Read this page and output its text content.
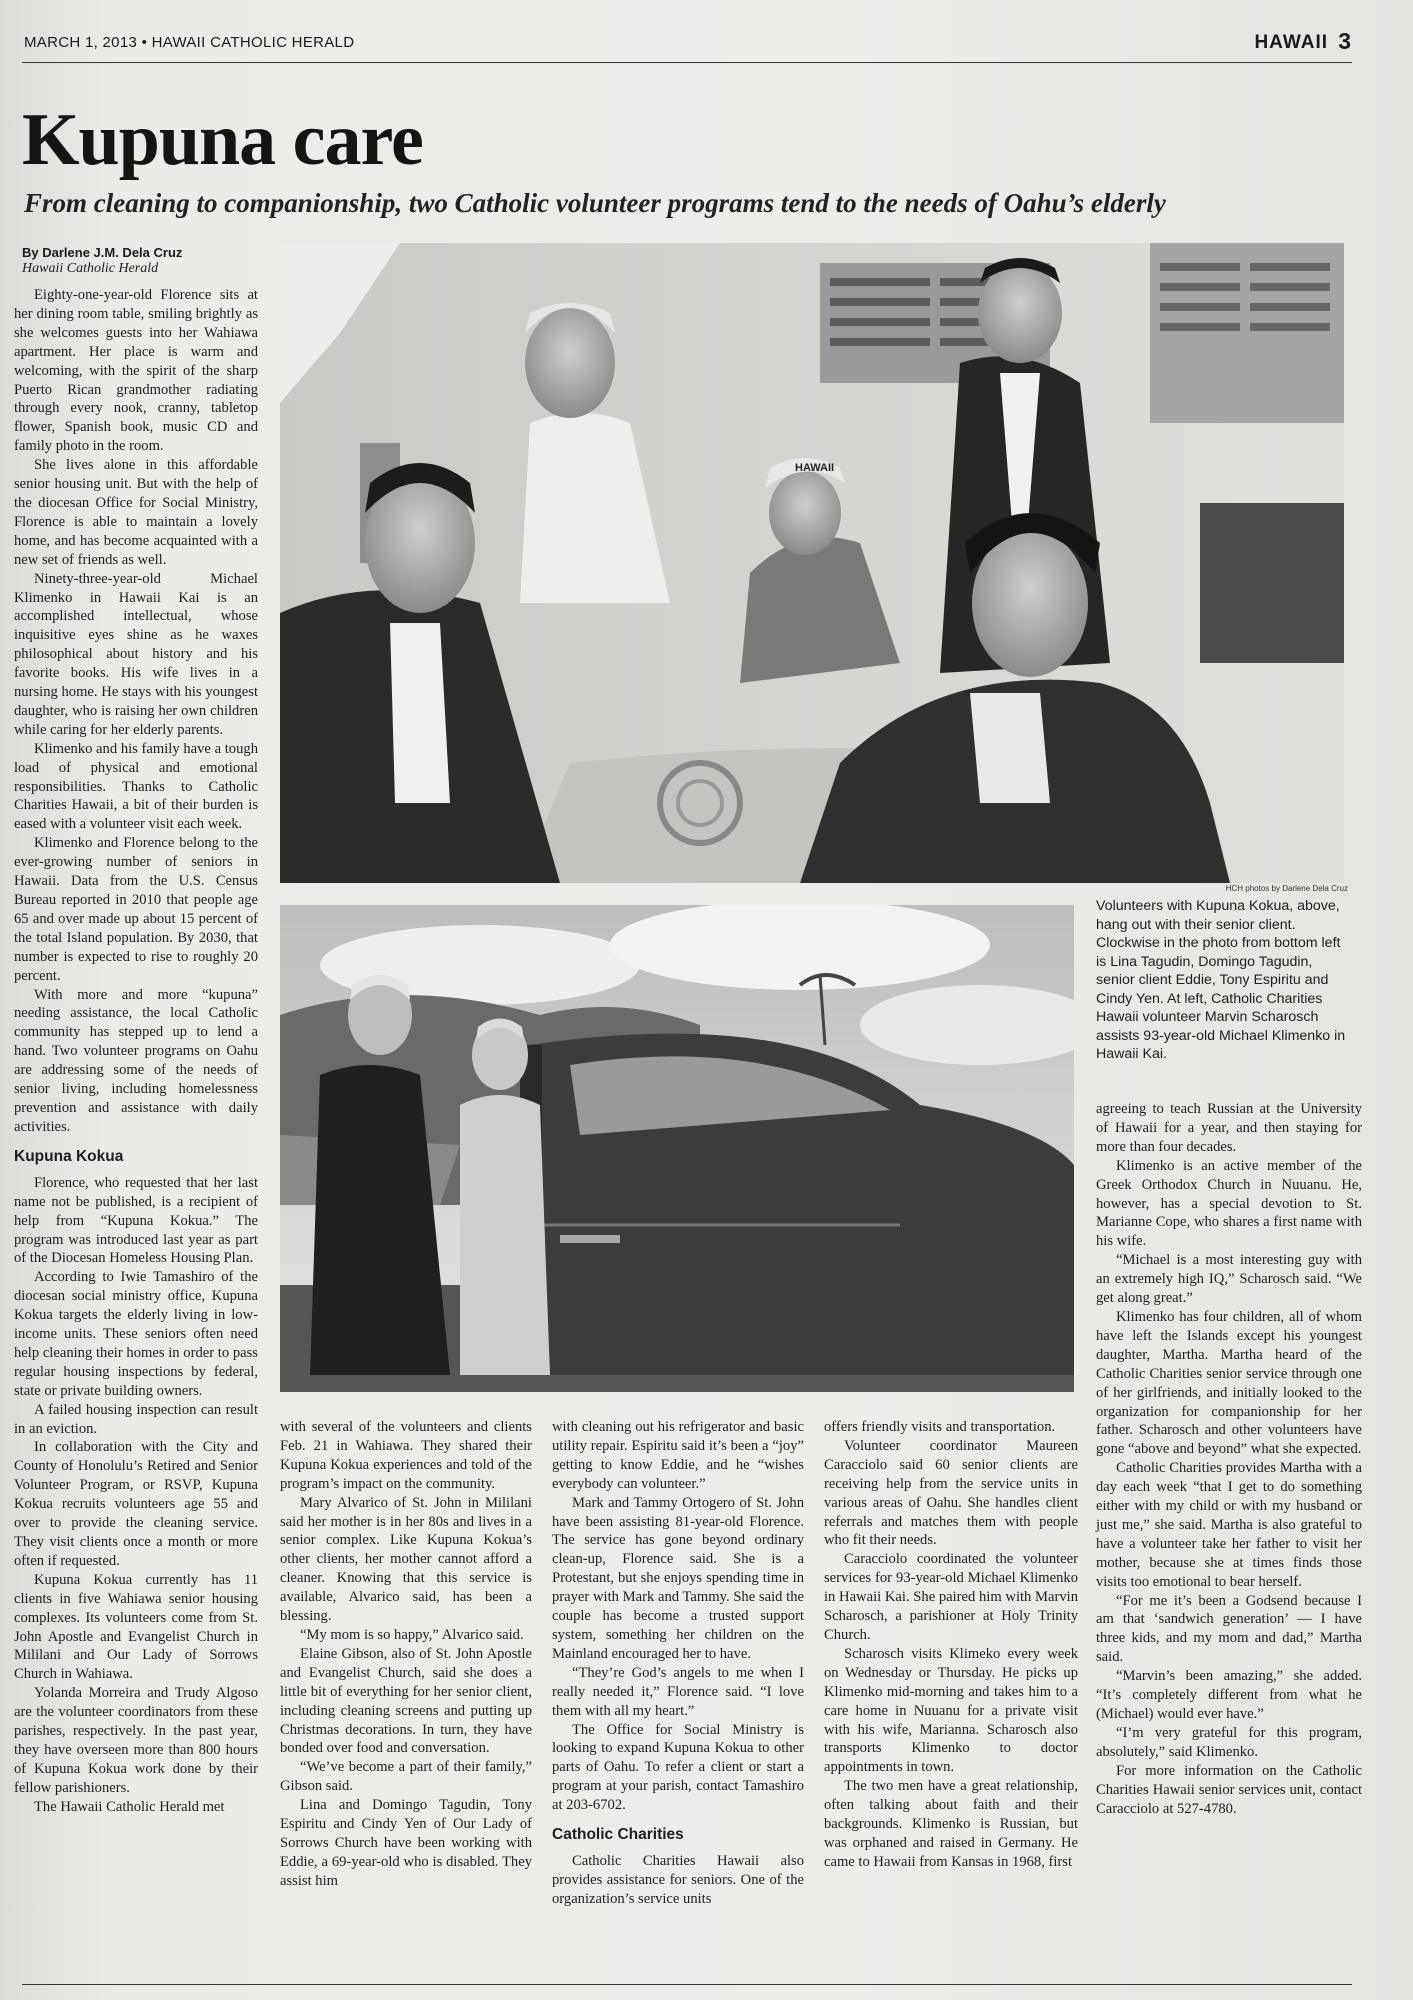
MARCH 1, 2013 • HAWAII CATHOLIC HERALD	HAWAII 3
Kupuna care
From cleaning to companionship, two Catholic volunteer programs tend to the needs of Oahu’s elderly
By Darlene J.M. Dela Cruz
Hawaii Catholic Herald

Eighty-one-year-old Florence sits at her dining room table, smiling brightly as she welcomes guests into her Wahiawa apartment. Her place is warm and welcoming, with the spirit of the sharp Puerto Rican grandmother radiating through every nook, cranny, tabletop flower, Spanish book, music CD and family photo in the room.

She lives alone in this affordable senior housing unit. But with the help of the diocesan Office for Social Ministry, Florence is able to maintain a lovely home, and has become acquainted with a new set of friends as well.

Ninety-three-year-old Michael Klimenko in Hawaii Kai is an accomplished intellectual, whose inquisitive eyes shine as he waxes philosophical about history and his favorite books. His wife lives in a nursing home. He stays with his youngest daughter, who is raising her own children while caring for her elderly parents.

Klimenko and his family have a tough load of physical and emotional responsibilities. Thanks to Catholic Charities Hawaii, a bit of their burden is eased with a volunteer visit each week.

Klimenko and Florence belong to the ever-growing number of seniors in Hawaii. Data from the U.S. Census Bureau reported in 2010 that people age 65 and over made up about 15 percent of the total Island population. By 2030, that number is expected to rise to roughly 20 percent.

With more and more “kupuna” needing assistance, the local Catholic community has stepped up to lend a hand. Two volunteer programs on Oahu are addressing some of the needs of senior living, including homelessness prevention and assistance with daily activities.

Kupuna Kokua

Florence, who requested that her last name not be published, is a recipient of help from “Kupuna Kokua.” The program was introduced last year as part of the Diocesan Homeless Housing Plan.

According to Iwie Tamashiro of the diocesan social ministry office, Kupuna Kokua targets the elderly living in low-income units. These seniors often need help cleaning their homes in order to pass regular housing inspections by federal, state or private building owners.

A failed housing inspection can result in an eviction.

In collaboration with the City and County of Honolulu’s Retired and Senior Volunteer Program, or RSVP, Kupuna Kokua recruits volunteers age 55 and over to provide the cleaning service. They visit clients once a month or more often if requested.

Kupuna Kokua currently has 11 clients in five Wahiawa senior housing complexes. Its volunteers come from St. John Apostle and Evangelist Church in Mililani and Our Lady of Sorrows Church in Wahiawa.

Yolanda Morreira and Trudy Algoso are the volunteer coordinators from these parishes, respectively. In the past year, they have overseen more than 800 hours of Kupuna Kokua work done by their fellow parishioners.

The Hawaii Catholic Herald met

HAWAII
HCH photos by Darlene Dela Cruz
Volunteers with Kupuna Kokua, above, hang out with their senior client. Clockwise in the photo from bottom left is Lina Tagudin, Domingo Tagudin, senior client Eddie, Tony Espiritu and Cindy Yen. At left, Catholic Charities Hawaii volunteer Marvin Scharosch assists 93-year-old Michael Klimenko in Hawaii Kai.

with several of the volunteers and clients Feb. 21 in Wahiawa. They shared their Kupuna Kokua experiences and told of the program’s impact on the community.

Mary Alvarico of St. John in Mililani said her mother is in her 80s and lives in a senior complex. Like Kupuna Kokua’s other clients, her mother cannot afford a cleaner. Knowing that this service is available, Alvarico said, has been a blessing.

“My mom is so happy,” Alvarico said.

Elaine Gibson, also of St. John Apostle and Evangelist Church, said she does a little bit of everything for her senior client, including cleaning screens and putting up Christmas decorations. In turn, they have bonded over food and conversation.

“We’ve become a part of their family,” Gibson said.

Lina and Domingo Tagudin, Tony Espiritu and Cindy Yen of Our Lady of Sorrows Church have been working with Eddie, a 69-year-old who is disabled. They assist him

with cleaning out his refrigerator and basic utility repair. Espiritu said it’s been a “joy” getting to know Eddie, and he “wishes everybody can volunteer.”

Mark and Tammy Ortogero of St. John have been assisting 81-year-old Florence. The service has gone beyond ordinary clean-up, Florence said. She is a Protestant, but she enjoys spending time in prayer with Mark and Tammy. She said the couple has become a trusted support system, something her children on the Mainland encouraged her to have.

“They’re God’s angels to me when I really needed it,” Florence said. “I love them with all my heart.”

The Office for Social Ministry is looking to expand Kupuna Kokua to other parts of Oahu. To refer a client or start a program at your parish, contact Tamashiro at 203-6702.

Catholic Charities

Catholic Charities Hawaii also provides assistance for seniors. One of the organization’s service units

offers friendly visits and transportation.

Volunteer coordinator Maureen Caracciolo said 60 senior clients are receiving help from the service units in various areas of Oahu. She handles client referrals and matches them with people who fit their needs.

Caracciolo coordinated the volunteer services for 93-year-old Michael Klimenko in Hawaii Kai. She paired him with Marvin Scharosch, a parishioner at Holy Trinity Church.

Scharosch visits Klimeko every week on Wednesday or Thursday. He picks up Klimenko mid-morning and takes him to a care home in Nuuanu for a private visit with his wife, Marianna. Scharosch also transports Klimenko to doctor appointments in town.

The two men have a great relationship, often talking about faith and their backgrounds. Klimenko is Russian, but was orphaned and raised in Germany. He came to Hawaii from Kansas in 1968, first

agreeing to teach Russian at the University of Hawaii for a year, and then staying for more than four decades.

Klimenko is an active member of the Greek Orthodox Church in Nuuanu. He, however, has a special devotion to St. Marianne Cope, who shares a first name with his wife.

“Michael is a most interesting guy with an extremely high IQ,” Scharosch said. “We get along great.”

Klimenko has four children, all of whom have left the Islands except his youngest daughter, Martha. Martha heard of the Catholic Charities senior service through one of her girlfriends, and initially looked to the organization for companionship for her father. Scharosch and other volunteers have gone “above and beyond” what she expected.

Catholic Charities provides Martha with a day each week “that I get to do something either with my child or with my husband or just me,” she said. Martha is also grateful to have a volunteer take her father to visit her mother, because she at times finds those visits too emotional to bear herself.

“For me it’s been a Godsend because I am that ‘sandwich generation’ — I have three kids, and my mom and dad,” Martha said.

“Marvin’s been amazing,” she added. “It’s completely different from what he (Michael) would ever have.”

“I’m very grateful for this program, absolutely,” said Klimenko.

For more information on the Catholic Charities Hawaii senior services unit, contact Caracciolo at 527-4780.
